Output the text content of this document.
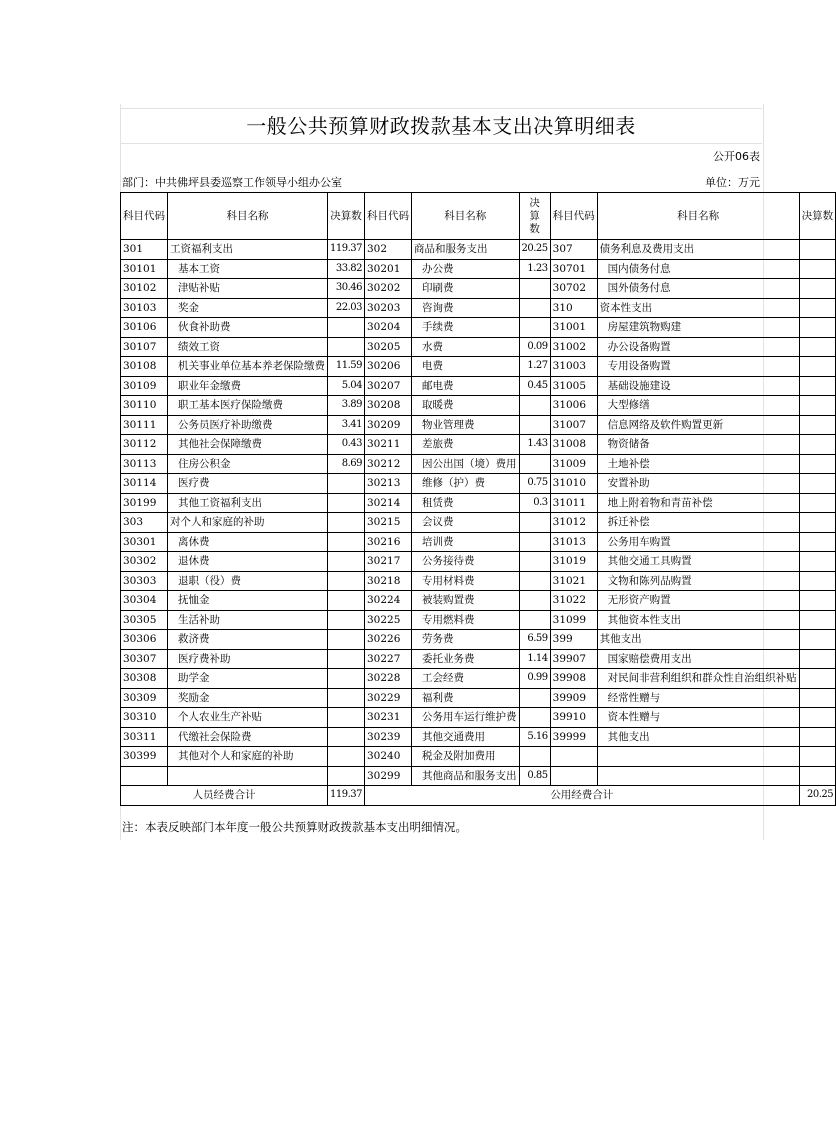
一般公共预算财政拨款基本支出决算明细表
公开06表
部门：中共佛坪县委巡察工作领导小组办公室	单位：万元
科目代码	科目名称	决算数	科目代码	科目名称	决算数	科目代码	科目名称	决算数
301	工资福利支出	119.37	302	商品和服务支出	20.25	307	债务利息及费用支出	
30101	基本工资	33.82	30201	办公费	1.23	30701	国内债务付息	
30102	津贴补贴	30.46	30202	印刷费		30702	国外债务付息	
30103	奖金	22.03	30203	咨询费		310	资本性支出	
30106	伙食补助费		30204	手续费		31001	房屋建筑物购建	
30107	绩效工资		30205	水费	0.09	31002	办公设备购置	
30108	机关事业单位基本养老保险缴费	11.59	30206	电费	1.27	31003	专用设备购置	
30109	职业年金缴费	5.04	30207	邮电费	0.45	31005	基础设施建设	
30110	职工基本医疗保险缴费	3.89	30208	取暖费		31006	大型修缮	
30111	公务员医疗补助缴费	3.41	30209	物业管理费		31007	信息网络及软件购置更新	
30112	其他社会保障缴费	0.43	30211	差旅费	1.43	31008	物资储备	
30113	住房公积金	8.69	30212	因公出国（境）费用		31009	土地补偿	
30114	医疗费		30213	维修（护）费	0.75	31010	安置补助	
30199	其他工资福利支出		30214	租赁费	0.3	31011	地上附着物和青苗补偿	
303	对个人和家庭的补助		30215	会议费		31012	拆迁补偿	
30301	离休费		30216	培训费		31013	公务用车购置	
30302	退休费		30217	公务接待费		31019	其他交通工具购置	
30303	退职（役）费		30218	专用材料费		31021	文物和陈列品购置	
30304	抚恤金		30224	被装购置费		31022	无形资产购置	
30305	生活补助		30225	专用燃料费		31099	其他资本性支出	
30306	救济费		30226	劳务费	6.59	399	其他支出	
30307	医疗费补助		30227	委托业务费	1.14	39907	国家赔偿费用支出	
30308	助学金		30228	工会经费	0.99	39908	对民间非营利组织和群众性自治组织补贴	
30309	奖励金		30229	福利费		39909	经常性赠与	
30310	个人农业生产补贴		30231	公务用车运行维护费		39910	资本性赠与	
30311	代缴社会保险费		30239	其他交通费用	5.16	39999	其他支出	
30399	其他对个人和家庭的补助		30240	税金及附加费用				
			30299	其他商品和服务支出	0.85			
人员经费合计		119.37	公用经费合计					20.25
注：本表反映部门本年度一般公共预算财政拨款基本支出明细情况。
